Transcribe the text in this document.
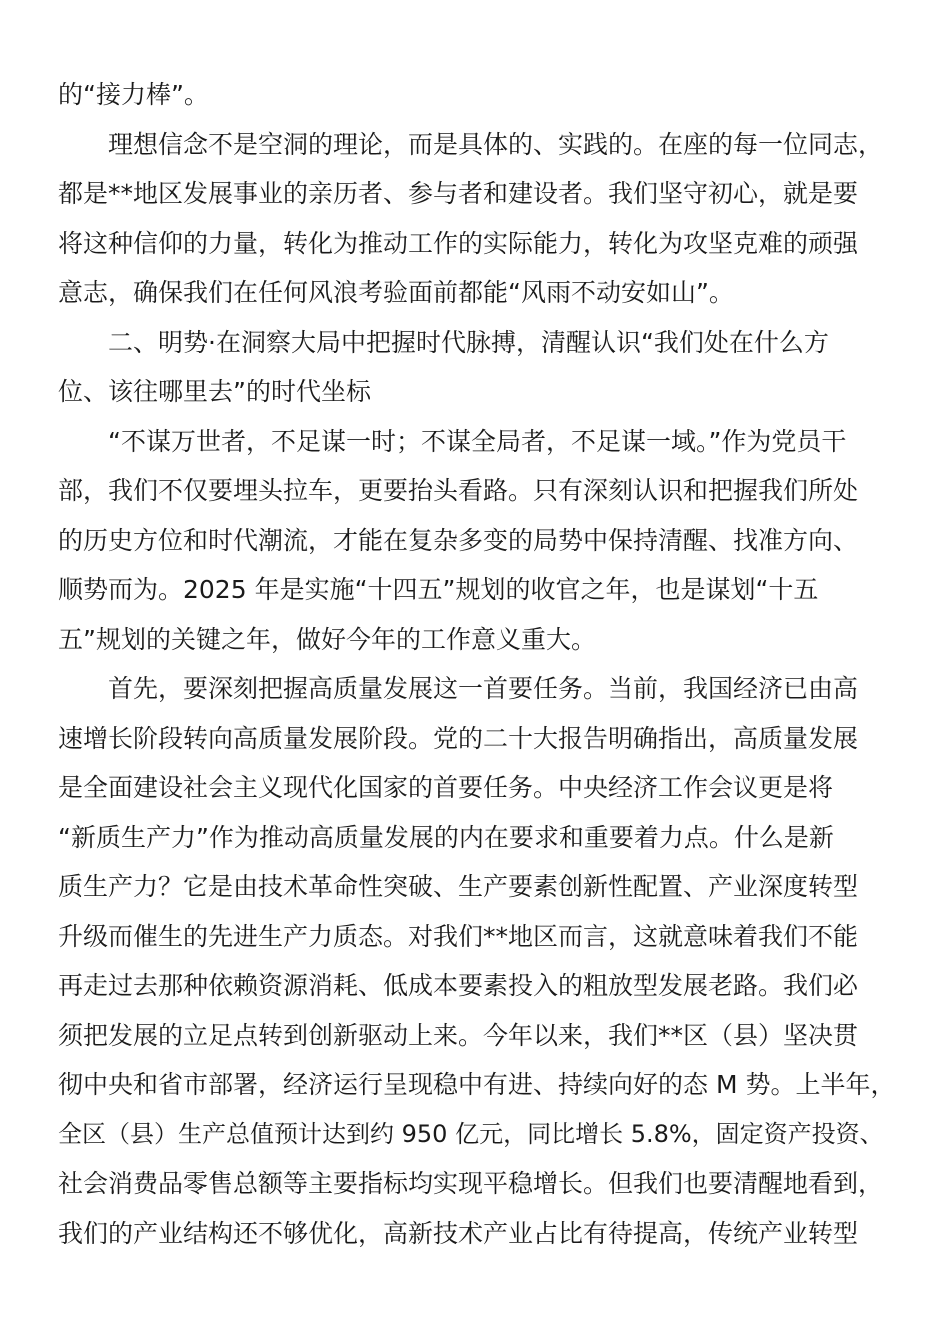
的“接力棒”。
理想信念不是空洞的理论，而是具体的、实践的。在座的每一位同志，
都是**地区发展事业的亲历者、参与者和建设者。我们坚守初心，就是要
将这种信仰的力量，转化为推动工作的实际能力，转化为攻坚克难的顽强
意志，确保我们在任何风浪考验面前都能“风雨不动安如山”。
二、明势·在洞察大局中把握时代脉搏，清醒认识“我们处在什么方
位、该往哪里去”的时代坐标
“不谋万世者，不足谋一时；不谋全局者，不足谋一域。”作为党员干
部，我们不仅要埋头拉车，更要抬头看路。只有深刻认识和把握我们所处
的历史方位和时代潮流，才能在复杂多变的局势中保持清醒、找准方向、
顺势而为。2025 年是实施“十四五”规划的收官之年，也是谋划“十五
五”规划的关键之年，做好今年的工作意义重大。
首先，要深刻把握高质量发展这一首要任务。当前，我国经济已由高
速增长阶段转向高质量发展阶段。党的二十大报告明确指出，高质量发展
是全面建设社会主义现代化国家的首要任务。中央经济工作会议更是将
“新质生产力”作为推动高质量发展的内在要求和重要着力点。什么是新
质生产力？它是由技术革命性突破、生产要素创新性配置、产业深度转型
升级而催生的先进生产力质态。对我们**地区而言，这就意味着我们不能
再走过去那种依赖资源消耗、低成本要素投入的粗放型发展老路。我们必
须把发展的立足点转到创新驱动上来。今年以来，我们**区（县）坚决贯
彻中央和省市部署，经济运行呈现稳中有进、持续向好的态 M 势。上半年，
全区（县）生产总值预计达到约 950 亿元，同比增长 5.8%，固定资产投资、
社会消费品零售总额等主要指标均实现平稳增长。但我们也要清醒地看到，
我们的产业结构还不够优化，高新技术产业占比有待提高，传统产业转型
